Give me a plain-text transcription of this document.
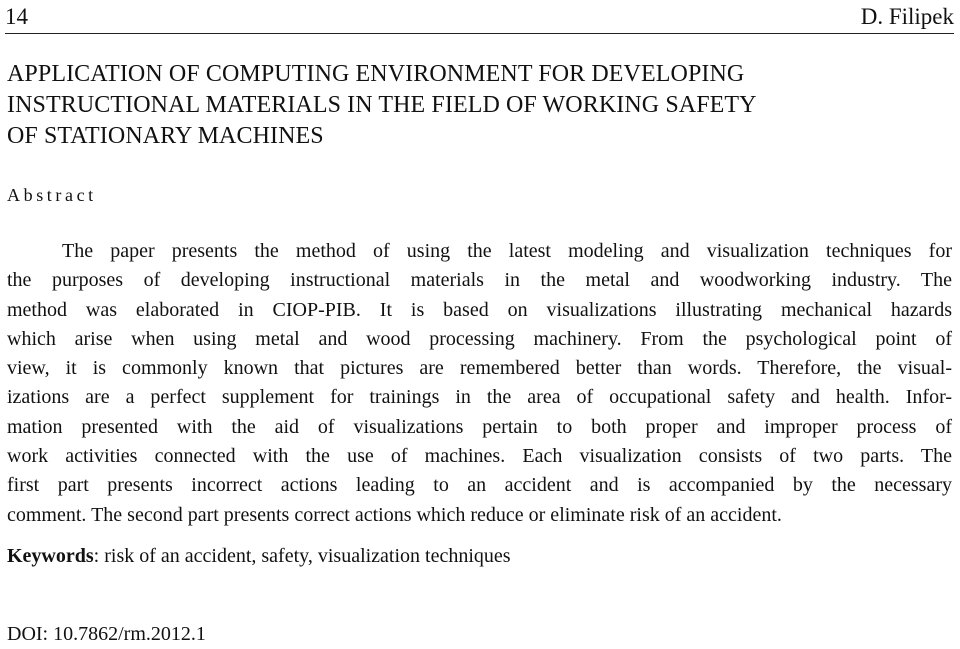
14	D. Filipek
APPLICATION OF COMPUTING ENVIRONMENT FOR DEVELOPING
INSTRUCTIONAL MATERIALS IN THE FIELD OF WORKING SAFETY
OF STATIONARY MACHINES
Abstract
The paper presents the method of using the latest modeling and visualization techniques for
the purposes of developing instructional materials in the metal and woodworking industry. The
method was elaborated in CIOP-PIB. It is based on visualizations illustrating mechanical hazards
which arise when using metal and wood processing machinery. From the psychological point of
view, it is commonly known that pictures are remembered better than words. Therefore, the visual-
izations are a perfect supplement for trainings in the area of occupational safety and health. Infor-
mation presented with the aid of visualizations pertain to both proper and improper process of
work activities connected with the use of machines. Each visualization consists of two parts. The
first part presents incorrect actions leading to an accident and is accompanied by the necessary
comment. The second part presents correct actions which reduce or eliminate risk of an accident.
Keywords: risk of an accident, safety, visualization techniques
DOI: 10.7862/rm.2012.1
